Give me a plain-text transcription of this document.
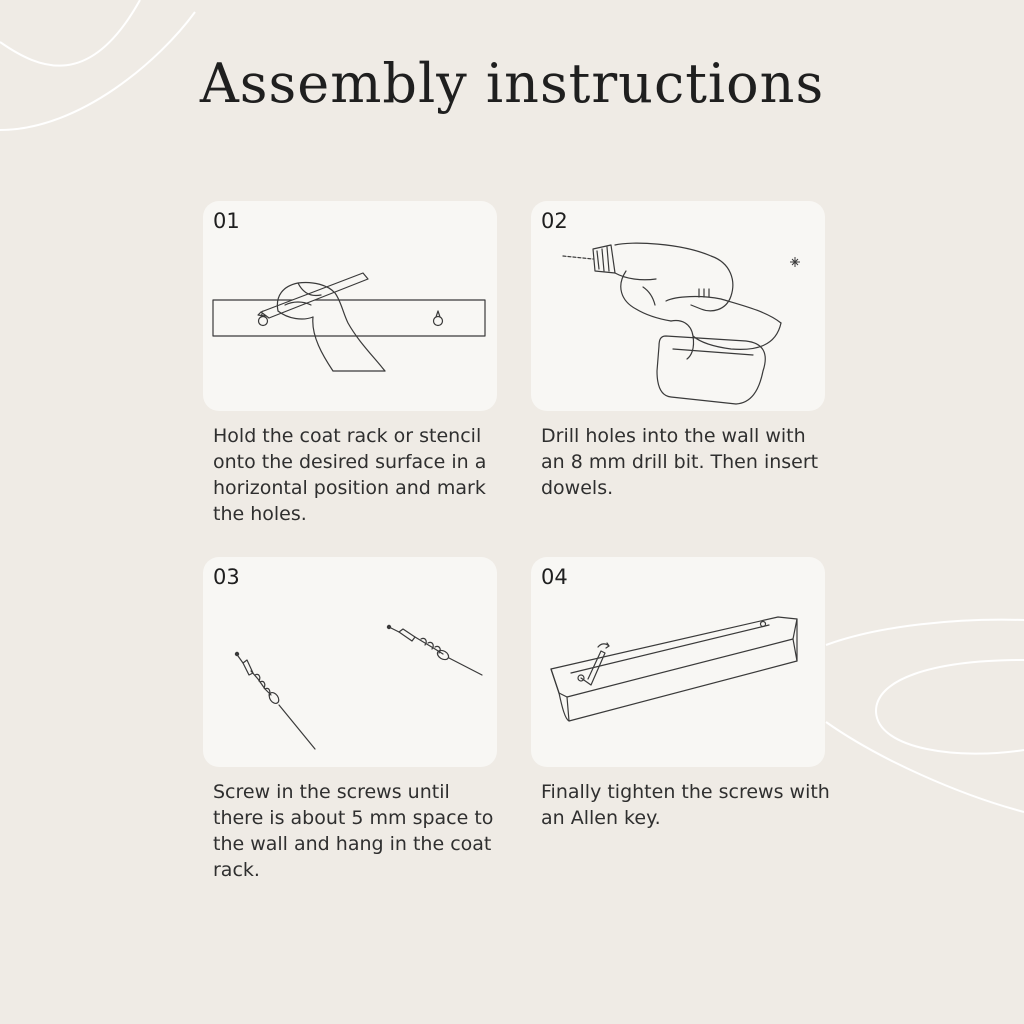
Assembly instructions
01

Hold the coat rack or stencil onto the desired surface in a horizontal position and mark the holes.

02

Drill holes into the wall with an 8 mm drill bit. Then insert dowels.

03

Screw in the screws until there is about 5 mm space to the wall and hang in the coat rack.

04

Finally tighten the screws with an Allen key.
